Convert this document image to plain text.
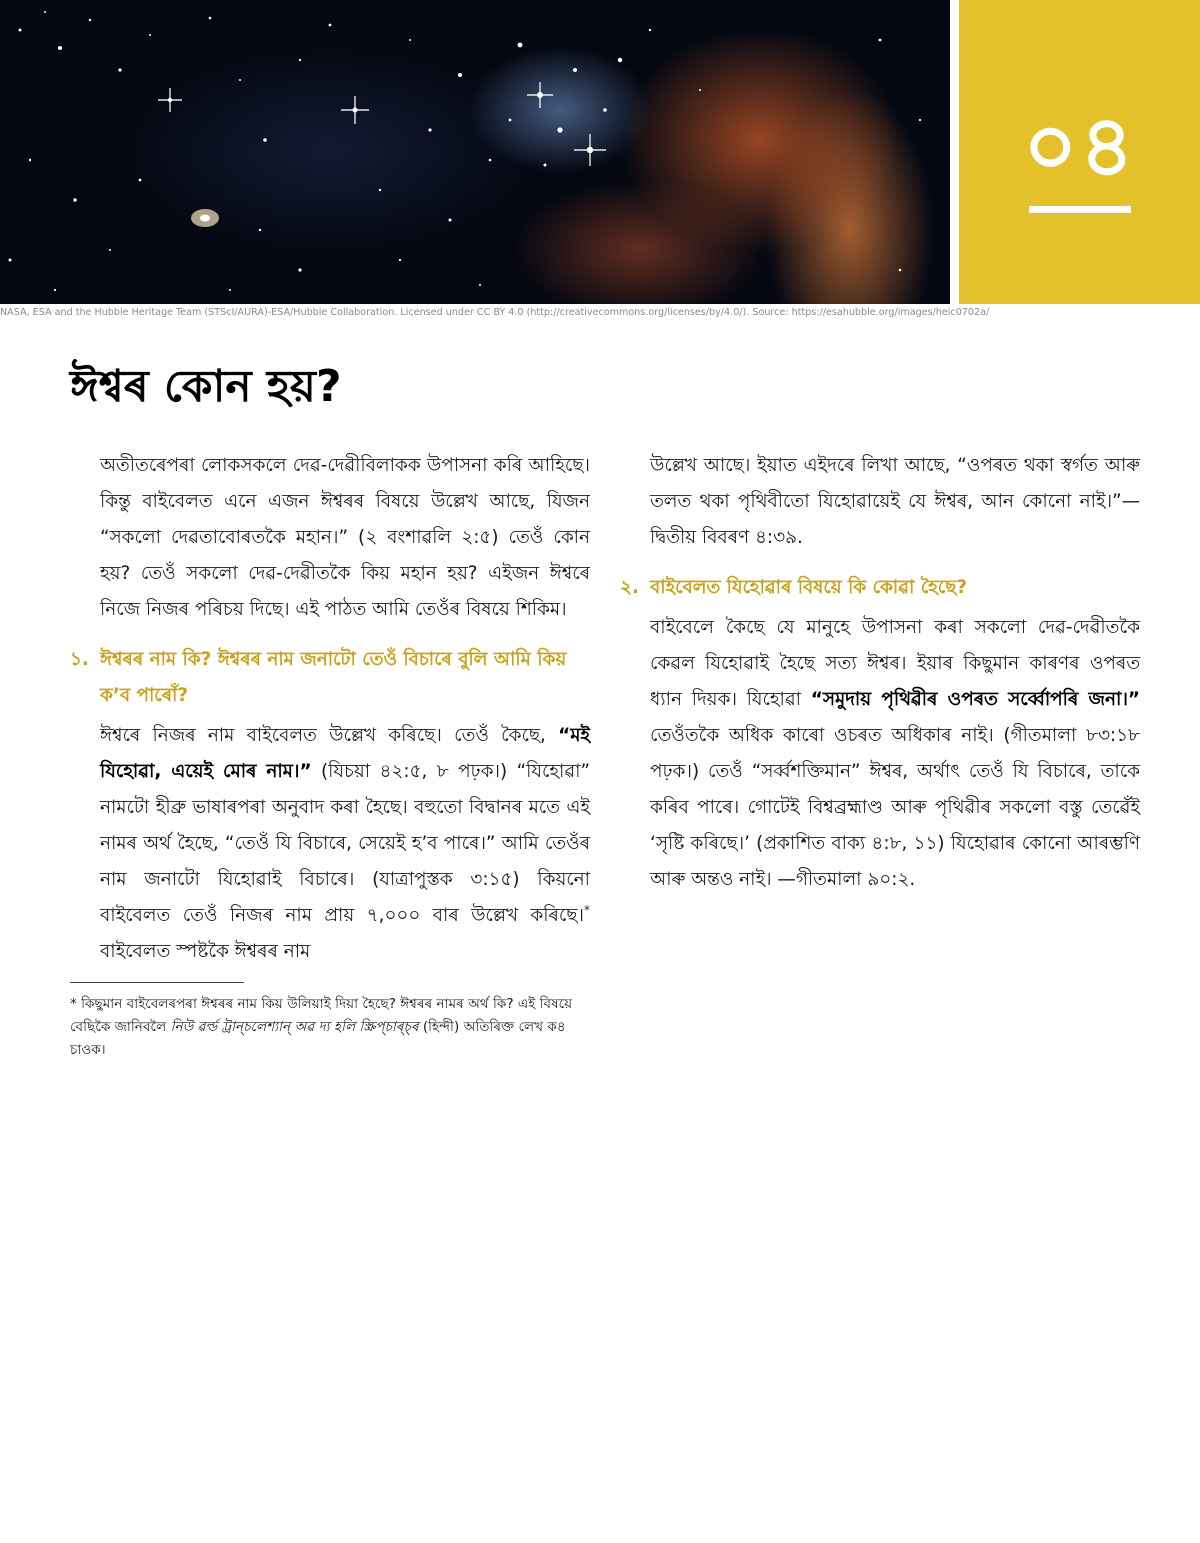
০৪
NASA, ESA and the Hubble Heritage Team (STScI/AURA)-ESA/Hubble Collaboration. Licensed under CC BY 4.0 (http://creativecommons.org/licenses/by/4.0/). Source: https://esahubble.org/images/heic0702a/
ঈশ্বৰ কোন হয়?

অতীতৰেপৰা লোকসকলে দেৱ-দেৱীবিলাকক উপাসনা কৰি আহিছে। কিন্তু বাইবেলত এনে এজন ঈশ্বৰৰ বিষয়ে উল্লেখ আছে, যিজন “সকলো দেৱতাবোৰতকৈ মহান।” (২ বংশাৱলি ২:৫) তেওঁ কোন হয়? তেওঁ সকলো দেৱ-দেৱীতকৈ কিয় মহান হয়? এইজন ঈশ্বৰে নিজে নিজৰ পৰিচয় দিছে। এই পাঠত আমি তেওঁৰ বিষয়ে শিকিম।

১. ঈশ্বৰৰ নাম কি? ঈশ্বৰৰ নাম জনাটো তেওঁ বিচাৰে বুলি আমি কিয় ক’ব পাৰোঁ?

ঈশ্বৰে নিজৰ নাম বাইবেলত উল্লেখ কৰিছে। তেওঁ কৈছে, “মই যিহোৱা, এয়েই মোৰ নাম।” (যিচয়া ৪২:৫, ৮ পঢ়ক।) “যিহোৱা” নামটো হীব্রু ভাষাৰপৰা অনুবাদ কৰা হৈছে। বহুতো বিদ্বানৰ মতে এই নামৰ অৰ্থ হৈছে, “তেওঁ যি বিচাৰে, সেয়েই হ’ব পাৰে।” আমি তেওঁৰ নাম জনাটো যিহোৱাই বিচাৰে। (যাত্রাপুস্তক ৩:১৫) কিয়নো বাইবেলত তেওঁ নিজৰ নাম প্ৰায় ৭,০০০ বাৰ উল্লেখ কৰিছে।* বাইবেলত স্পষ্টকৈ ঈশ্বৰৰ নাম

* কিছুমান বাইবেলৰপৰা ঈশ্বৰৰ নাম কিয় উলিয়াই দিয়া হৈছে? ঈশ্বৰৰ নামৰ অৰ্থ কি? এই বিষয়ে বেছিকৈ জানিবলৈ নিউ ৱৰ্ল্ড ট্ৰান্‌চলেশ্যান্‌ অৱ দ্য হলি স্ক্ৰিপ্‌চাৰ্‌চ্‌ৰ (হিন্দী) অতিৰিক্ত লেখ ক৪ চাওক।

উল্লেখ আছে। ইয়াত এইদৰে লিখা আছে, “ওপৰত থকা স্বৰ্গত আৰু তলত থকা পৃথিবীতো যিহোৱায়েই যে ঈশ্বৰ, আন কোনো নাই।”—দ্বিতীয় বিবৰণ ৪:৩৯.

২. বাইবেলত যিহোৱাৰ বিষয়ে কি কোৱা হৈছে?

বাইবেলে কৈছে যে মানুহে উপাসনা কৰা সকলো দেৱ-দেৱীতকৈ কেৱল যিহোৱাই হৈছে সত্য ঈশ্বৰ। ইয়াৰ কিছুমান কাৰণৰ ওপৰত ধ্যান দিয়ক। যিহোৱা “সমুদায় পৃথিৱীৰ ওপৰত সৰ্ব্বোপৰি জনা।” তেওঁতকৈ অধিক কাৰো ওচৰত অধিকাৰ নাই। (গীতমালা ৮৩:১৮ পঢ়ক।) তেওঁ “সৰ্ব্বশক্তিমান” ঈশ্বৰ, অৰ্থাৎ তেওঁ যি বিচাৰে, তাকে কৰিব পাৰে। গোটেই বিশ্বব্ৰহ্মাণ্ড আৰু পৃথিৱীৰ সকলো বস্তু তেৱেঁই ‘সৃষ্টি কৰিছে।’ (প্ৰকাশিত বাক্য ৪:৮, ১১) যিহোৱাৰ কোনো আৰম্ভণি আৰু অন্তও নাই। —গীতমালা ৯০:২.
